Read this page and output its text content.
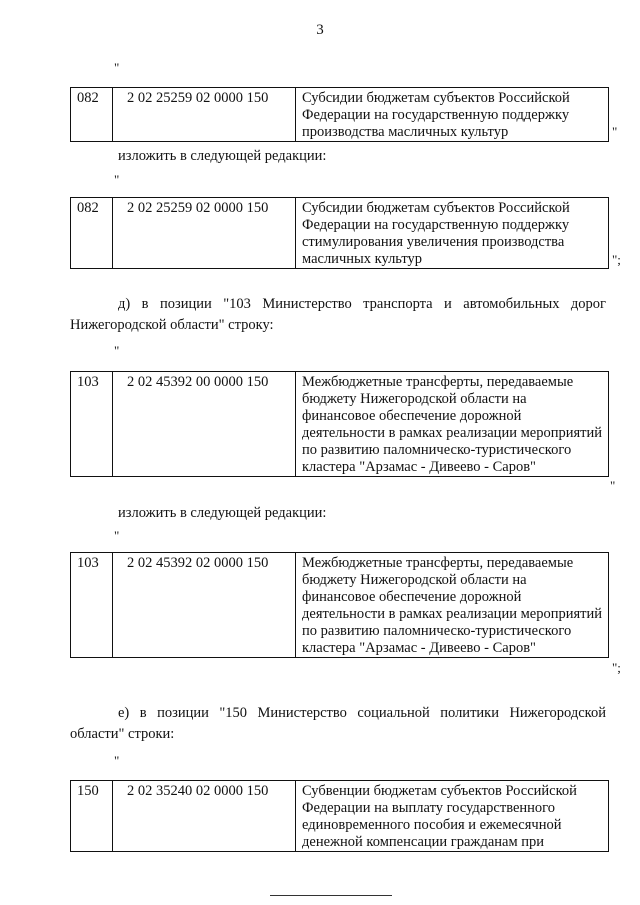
3
"
082	2 02 25259 02 0000 150	Субсидии бюджетам субъектов Российской Федерации на государственную поддержку производства масличных культур	"
изложить в следующей редакции:
"
082	2 02 25259 02 0000 150	Субсидии бюджетам субъектов Российской Федерации на государственную поддержку стимулирования увеличения производства масличных культур	";
д) в позиции "103 Министерство транспорта и автомобильных дорог Нижегородской области" строку:
"
103	2 02 45392 00 0000 150	Межбюджетные трансферты, передаваемые бюджету Нижегородской области на финансовое обеспечение дорожной деятельности в рамках реализации мероприятий по развитию паломническо-туристического кластера "Арзамас - Дивеево - Саров"
"
изложить в следующей редакции:
"
103	2 02 45392 02 0000 150	Межбюджетные трансферты, передаваемые бюджету Нижегородской области на финансовое обеспечение дорожной деятельности в рамках реализации мероприятий по развитию паломническо-туристического кластера "Арзамас - Дивеево - Саров"
";
е) в позиции "150 Министерство социальной политики Нижегородской области" строки:
"
150	2 02 35240 02 0000 150	Субвенции бюджетам субъектов Российской Федерации на выплату государственного единовременного пособия и ежемесячной денежной компенсации гражданам при
